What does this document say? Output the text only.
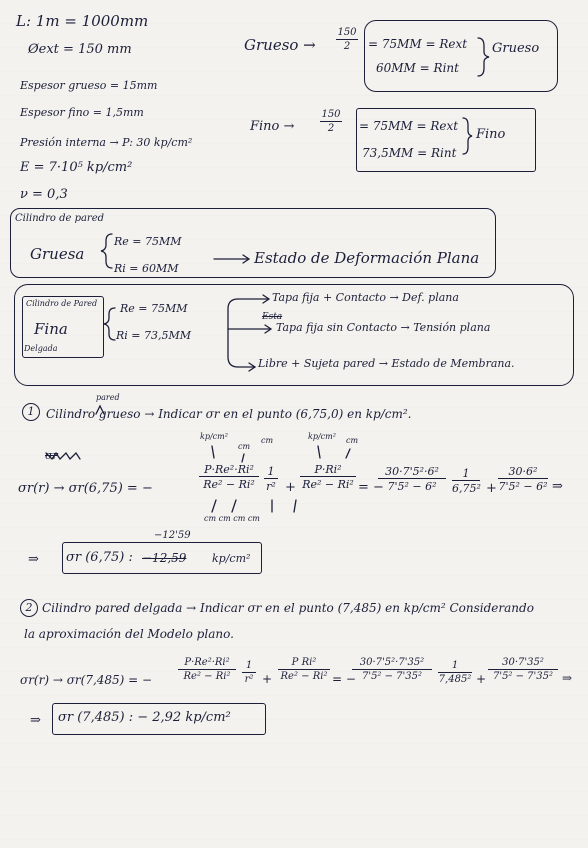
L: 1m = 1000mm
Øext = 150 mm
Espesor grueso = 15mm
Espesor fino = 1,5mm
Presión interna → P: 30 kp/cm²
E = 7·10⁵ kp/cm²
ν = 0,3
Grueso → $\frac{150}{2} = 75MM$ = Rext
60MM = Rint
Grueso
Fino →	$\frac{150}{2} = 75MM$ = Rext
73,5MM = Rint
Fino
Cilindro de pared
Gruesa
Re = 75MM
Ri = 60MM
Estado de Deformación Plana
Cilindro de Pared
Fina
Delgada
Re = 75MM
Ri = 73,5MM
Tapa fija + Contacto → Def. plana
Esta
Tapa fija sin Contacto → Tensión plana
Libre + Sujeta pared → Estado de Membrana.
1
pared
Cilindro grueso → Indicar σr en el punto (6,75,0) en kp/cm².
σr
kp/cm²
cm
cm	kp/cm² cm
σr(r) → σr(6,75) = −	$\frac{\text{P·Re²·Ri²}}{\text{Re² − Ri²}} \frac{1}{\text{r²}} + \frac{\text{P·Ri²}}{\text{Re² − Ri²}}$ = −
$\frac{\text{30·7'5²·6²}}{\text{7'5² − 6²}} \frac{1}{\text{6,75²}} + \frac{\text{30·6²}}{\text{7'5² − 6²}}$ ⇒
cm cm cm cm
−12'59
⇒ σr (6,75) : −12,59 kp/cm²
2 Cilindro pared delgada → Indicar σr en el punto (7,485) en kp/cm² Considerando
la aproximación del Modelo plano.
σr(r) → σr(7,485) = −	$\frac{\text{P·Re²·Ri²}}{\text{Re² − Ri²}} \frac{1}{\text{r²}} + \frac{\text{P Ri²}}{\text{Re² − Ri²}}$ = −
$\frac{\text{30·7'5²·7'35²}}{\text{7'5² − 7'35²}} \frac{1}{\text{7,485²}} + \frac{\text{30·7'35²}}{\text{7'5² − 7'35²}}$ ⇒
⇒ σr (7,485) : − 2,92 kp/cm²
